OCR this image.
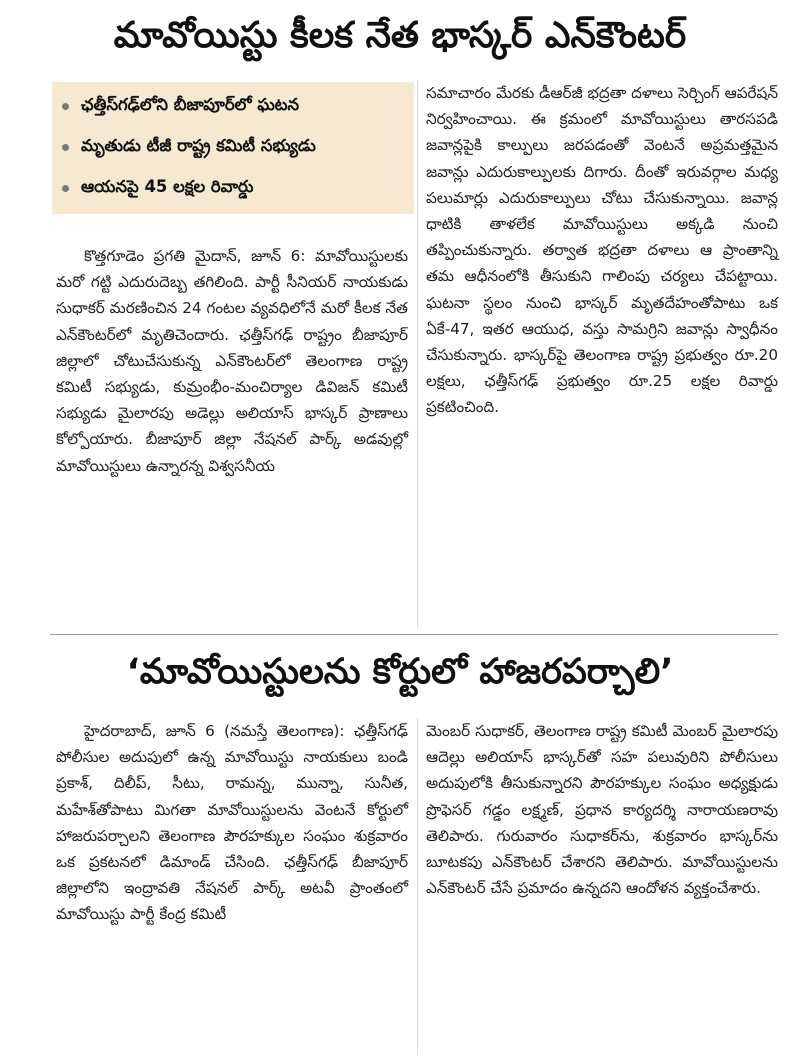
మావోయిస్టు కీలక నేత భాస్కర్ ఎన్‌కౌంటర్
ఛత్తీస్‌గఢ్‌లోని బీజాపూర్‌లో ఘటన
మృతుడు టీజీ రాష్ట్ర కమిటీ సభ్యుడు
ఆయనపై 45 లక్షల రివార్డు

కొత్తగూడెం ప్రగతి మైదాన్, జూన్ 6: మావోయిస్టులకు మరో గట్టి ఎదురుదెబ్బ తగిలింది. పార్టీ సీనియర్ నాయకుడు సుధాకర్ మరణించిన 24 గంటల వ్యవధిలోనే మరో కీలక నేత ఎన్‌కౌంటర్‌లో మృతిచెందారు. ఛత్తీస్‌గఢ్ రాష్ట్రం బీజాపూర్ జిల్లాలో చోటుచేసుకున్న ఎన్‌కౌంటర్‌లో తెలంగాణ రాష్ట్ర కమిటీ సభ్యుడు, కుమ్రంభీం-మంచిర్యాల డివిజన్ కమిటీ సభ్యుడు మైలారపు అడెల్లు అలియాస్ భాస్కర్ ప్రాణాలు కోల్పోయారు. బీజాపూర్ జిల్లా నేషనల్ పార్క్ అడవుల్లో మావోయిస్టులు ఉన్నారన్న విశ్వసనీయ

సమాచారం మేరకు డీఆర్‌జీ భద్రతా దళాలు సెర్చింగ్ ఆపరేషన్ నిర్వహించాయి. ఈ క్రమంలో మావోయిస్టులు తారసపడి జవాన్లపైకి కాల్పులు జరపడంతో వెంటనే అప్రమత్తమైన జవాన్లు ఎదురుకాల్పులకు దిగారు. దీంతో ఇరువర్గాల మధ్య పలుమార్లు ఎదురుకాల్పులు చోటు చేసుకున్నాయి. జవాన్ల ధాటికి తాళలేక మావోయిస్టులు అక్కడి నుంచి తప్పించుకున్నారు. తర్వాత భద్రతా దళాలు ఆ ప్రాంతాన్ని తమ ఆధీనంలోకి తీసుకుని గాలింపు చర్యలు చేపట్టాయి. ఘటనా స్థలం నుంచి భాస్కర్ మృతదేహంతోపాటు ఒక ఏకే-47, ఇతర ఆయుధ, వస్తు సామగ్రిని జవాన్లు స్వాధీనం చేసుకున్నారు. భాస్కర్‌పై తెలంగాణ రాష్ట్ర ప్రభుత్వం రూ.20 లక్షలు, ఛత్తీస్‌గఢ్ ప్రభుత్వం రూ.25 లక్షల రివార్డు ప్రకటించింది.

‘మావోయిస్టులను కోర్టులో హాజరపర్చాలి’

హైదరాబాద్, జూన్ 6 (నమస్తే తెలంగాణ): ఛత్తీస్‌గఢ్ పోలీసుల అదుపులో ఉన్న మావోయిస్టు నాయకులు బండి ప్రకాశ్, దిలీప్, సీటు, రామన్న, మున్నా, సునీత, మహేశ్‌తోపాటు మిగతా మావోయిస్టులను వెంటనే కోర్టులో హాజరుపర్చాలని తెలంగాణ పౌరహక్కుల సంఘం శుక్రవారం ఒక ప్రకటనలో డిమాండ్ చేసింది. ఛత్తీస్‌గఢ్ బీజాపూర్ జిల్లాలోని ఇంద్రావతి నేషనల్ పార్క్ అటవీ ప్రాంతంలో మావోయిస్టు పార్టీ కేంద్ర కమిటీ

మెంబర్ సుధాకర్, తెలంగాణ రాష్ట్ర కమిటీ మెంబర్ మైలారపు ఆదెల్లు అలియాస్ భాస్కర్‌తో సహ పలువురిని పోలీసులు అదుపులోకి తీసుకున్నారని పౌరహక్కుల సంఘం అధ్యక్షుడు ప్రొఫెసర్ గడ్డం లక్ష్మణ్, ప్రధాన కార్యదర్శి నారాయణరావు తెలిపారు. గురువారం సుధాకర్‌ను, శుక్రవారం భాస్కర్‌ను బూటకపు ఎన్‌కౌంటర్ చేశారని తెలిపారు. మావోయిస్టులను ఎన్‌కౌంటర్ చేసే ప్రమాదం ఉన్నదని ఆందోళన వ్యక్తంచేశారు.
